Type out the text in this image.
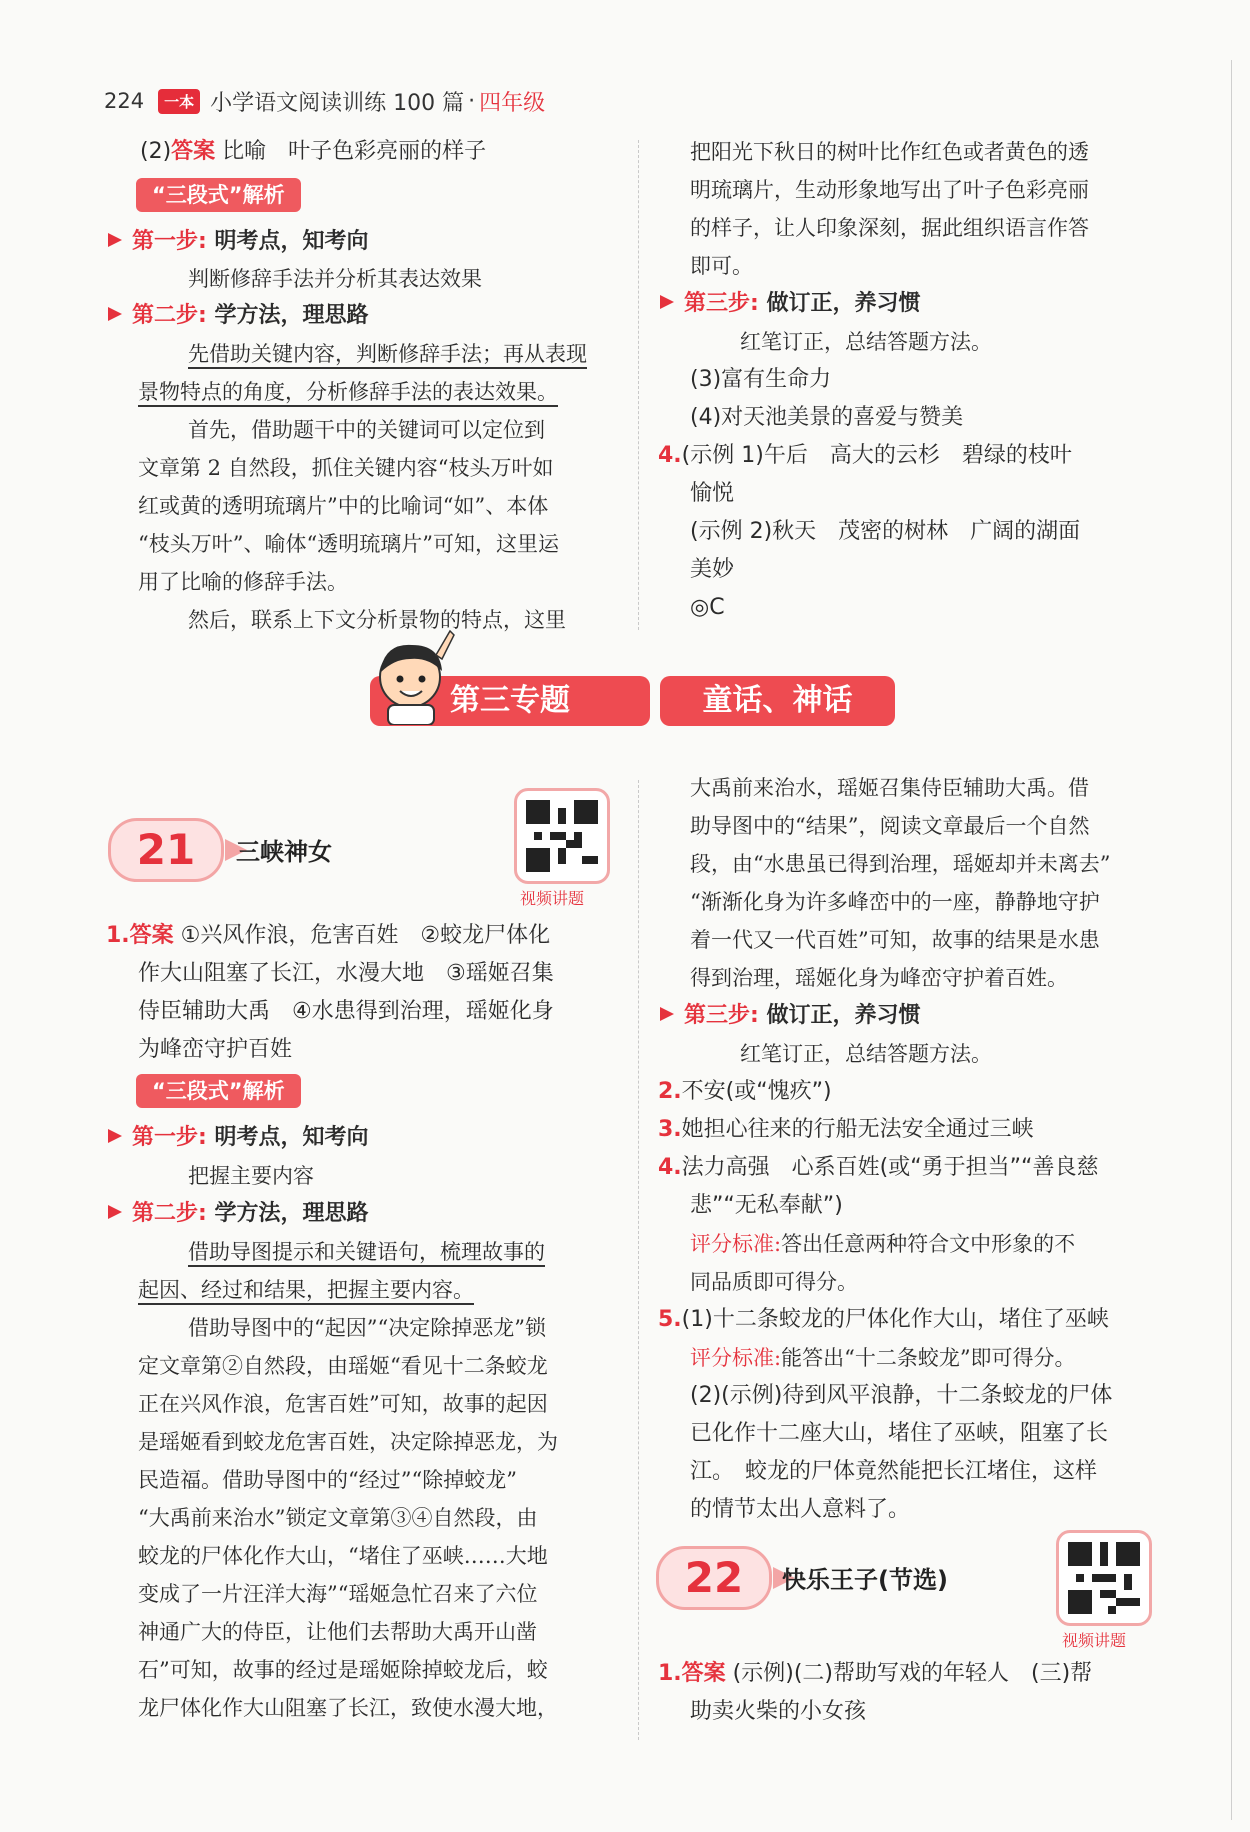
224	一本 小学语文阅读训练 100 篇 · 四年级
(2)答案 比喻　叶子色彩亮丽的样子
“三段式”解析
第一步: 明考点，知考向
判断修辞手法并分析其表达效果
第二步: 学方法，理思路
先借助关键内容，判断修辞手法；再从表现
景物特点的角度，分析修辞手法的表达效果。
首先，借助题干中的关键词可以定位到
文章第 2 自然段，抓住关键内容“枝头万叶如
红或黄的透明琉璃片”中的比喻词“如”、本体
“枝头万叶”、喻体“透明琉璃片”可知，这里运
用了比喻的修辞手法。
然后，联系上下文分析景物的特点，这里
把阳光下秋日的树叶比作红色或者黄色的透
明琉璃片，生动形象地写出了叶子色彩亮丽
的样子，让人印象深刻，据此组织语言作答
即可。
第三步: 做订正，养习惯
红笔订正，总结答题方法。
(3)富有生命力
(4)对天池美景的喜爱与赞美
4.(示例 1)午后　高大的云杉　碧绿的枝叶
愉悦
(示例 2)秋天　茂密的树林　广阔的湖面
美妙
◎C
第三专题	童话、神话
21	三峡神女
视频讲题
1.答案 ①兴风作浪，危害百姓　②蛟龙尸体化
作大山阻塞了长江，水漫大地　③瑶姬召集
侍臣辅助大禹　④水患得到治理，瑶姬化身
为峰峦守护百姓
“三段式”解析
第一步: 明考点，知考向
把握主要内容
第二步: 学方法，理思路
借助导图提示和关键语句，梳理故事的
起因、经过和结果，把握主要内容。
借助导图中的“起因”“决定除掉恶龙”锁
定文章第②自然段，由瑶姬“看见十二条蛟龙
正在兴风作浪，危害百姓”可知，故事的起因
是瑶姬看到蛟龙危害百姓，决定除掉恶龙，为
民造福。借助导图中的“经过”“除掉蛟龙”
“大禹前来治水”锁定文章第③④自然段，由
蛟龙的尸体化作大山，“堵住了巫峡……大地
变成了一片汪洋大海”“瑶姬急忙召来了六位
神通广大的侍臣，让他们去帮助大禹开山凿
石”可知，故事的经过是瑶姬除掉蛟龙后，蛟
龙尸体化作大山阻塞了长江，致使水漫大地，
大禹前来治水，瑶姬召集侍臣辅助大禹。借
助导图中的“结果”，阅读文章最后一个自然
段，由“水患虽已得到治理，瑶姬却并未离去”
“渐渐化身为许多峰峦中的一座，静静地守护
着一代又一代百姓”可知，故事的结果是水患
得到治理，瑶姬化身为峰峦守护着百姓。
第三步: 做订正，养习惯
红笔订正，总结答题方法。
2.不安(或“愧疚”)
3.她担心往来的行船无法安全通过三峡
4.法力高强　心系百姓(或“勇于担当”“善良慈
悲”“无私奉献”)
评分标准:答出任意两种符合文中形象的不
同品质即可得分。
5.(1)十二条蛟龙的尸体化作大山，堵住了巫峡
评分标准:能答出“十二条蛟龙”即可得分。
(2)(示例)待到风平浪静，十二条蛟龙的尸体
已化作十二座大山，堵住了巫峡，阻塞了长
江。　蛟龙的尸体竟然能把长江堵住，这样
的情节太出人意料了。
22	快乐王子(节选)
视频讲题
1.答案 (示例)(二)帮助写戏的年轻人　(三)帮
助卖火柴的小女孩
